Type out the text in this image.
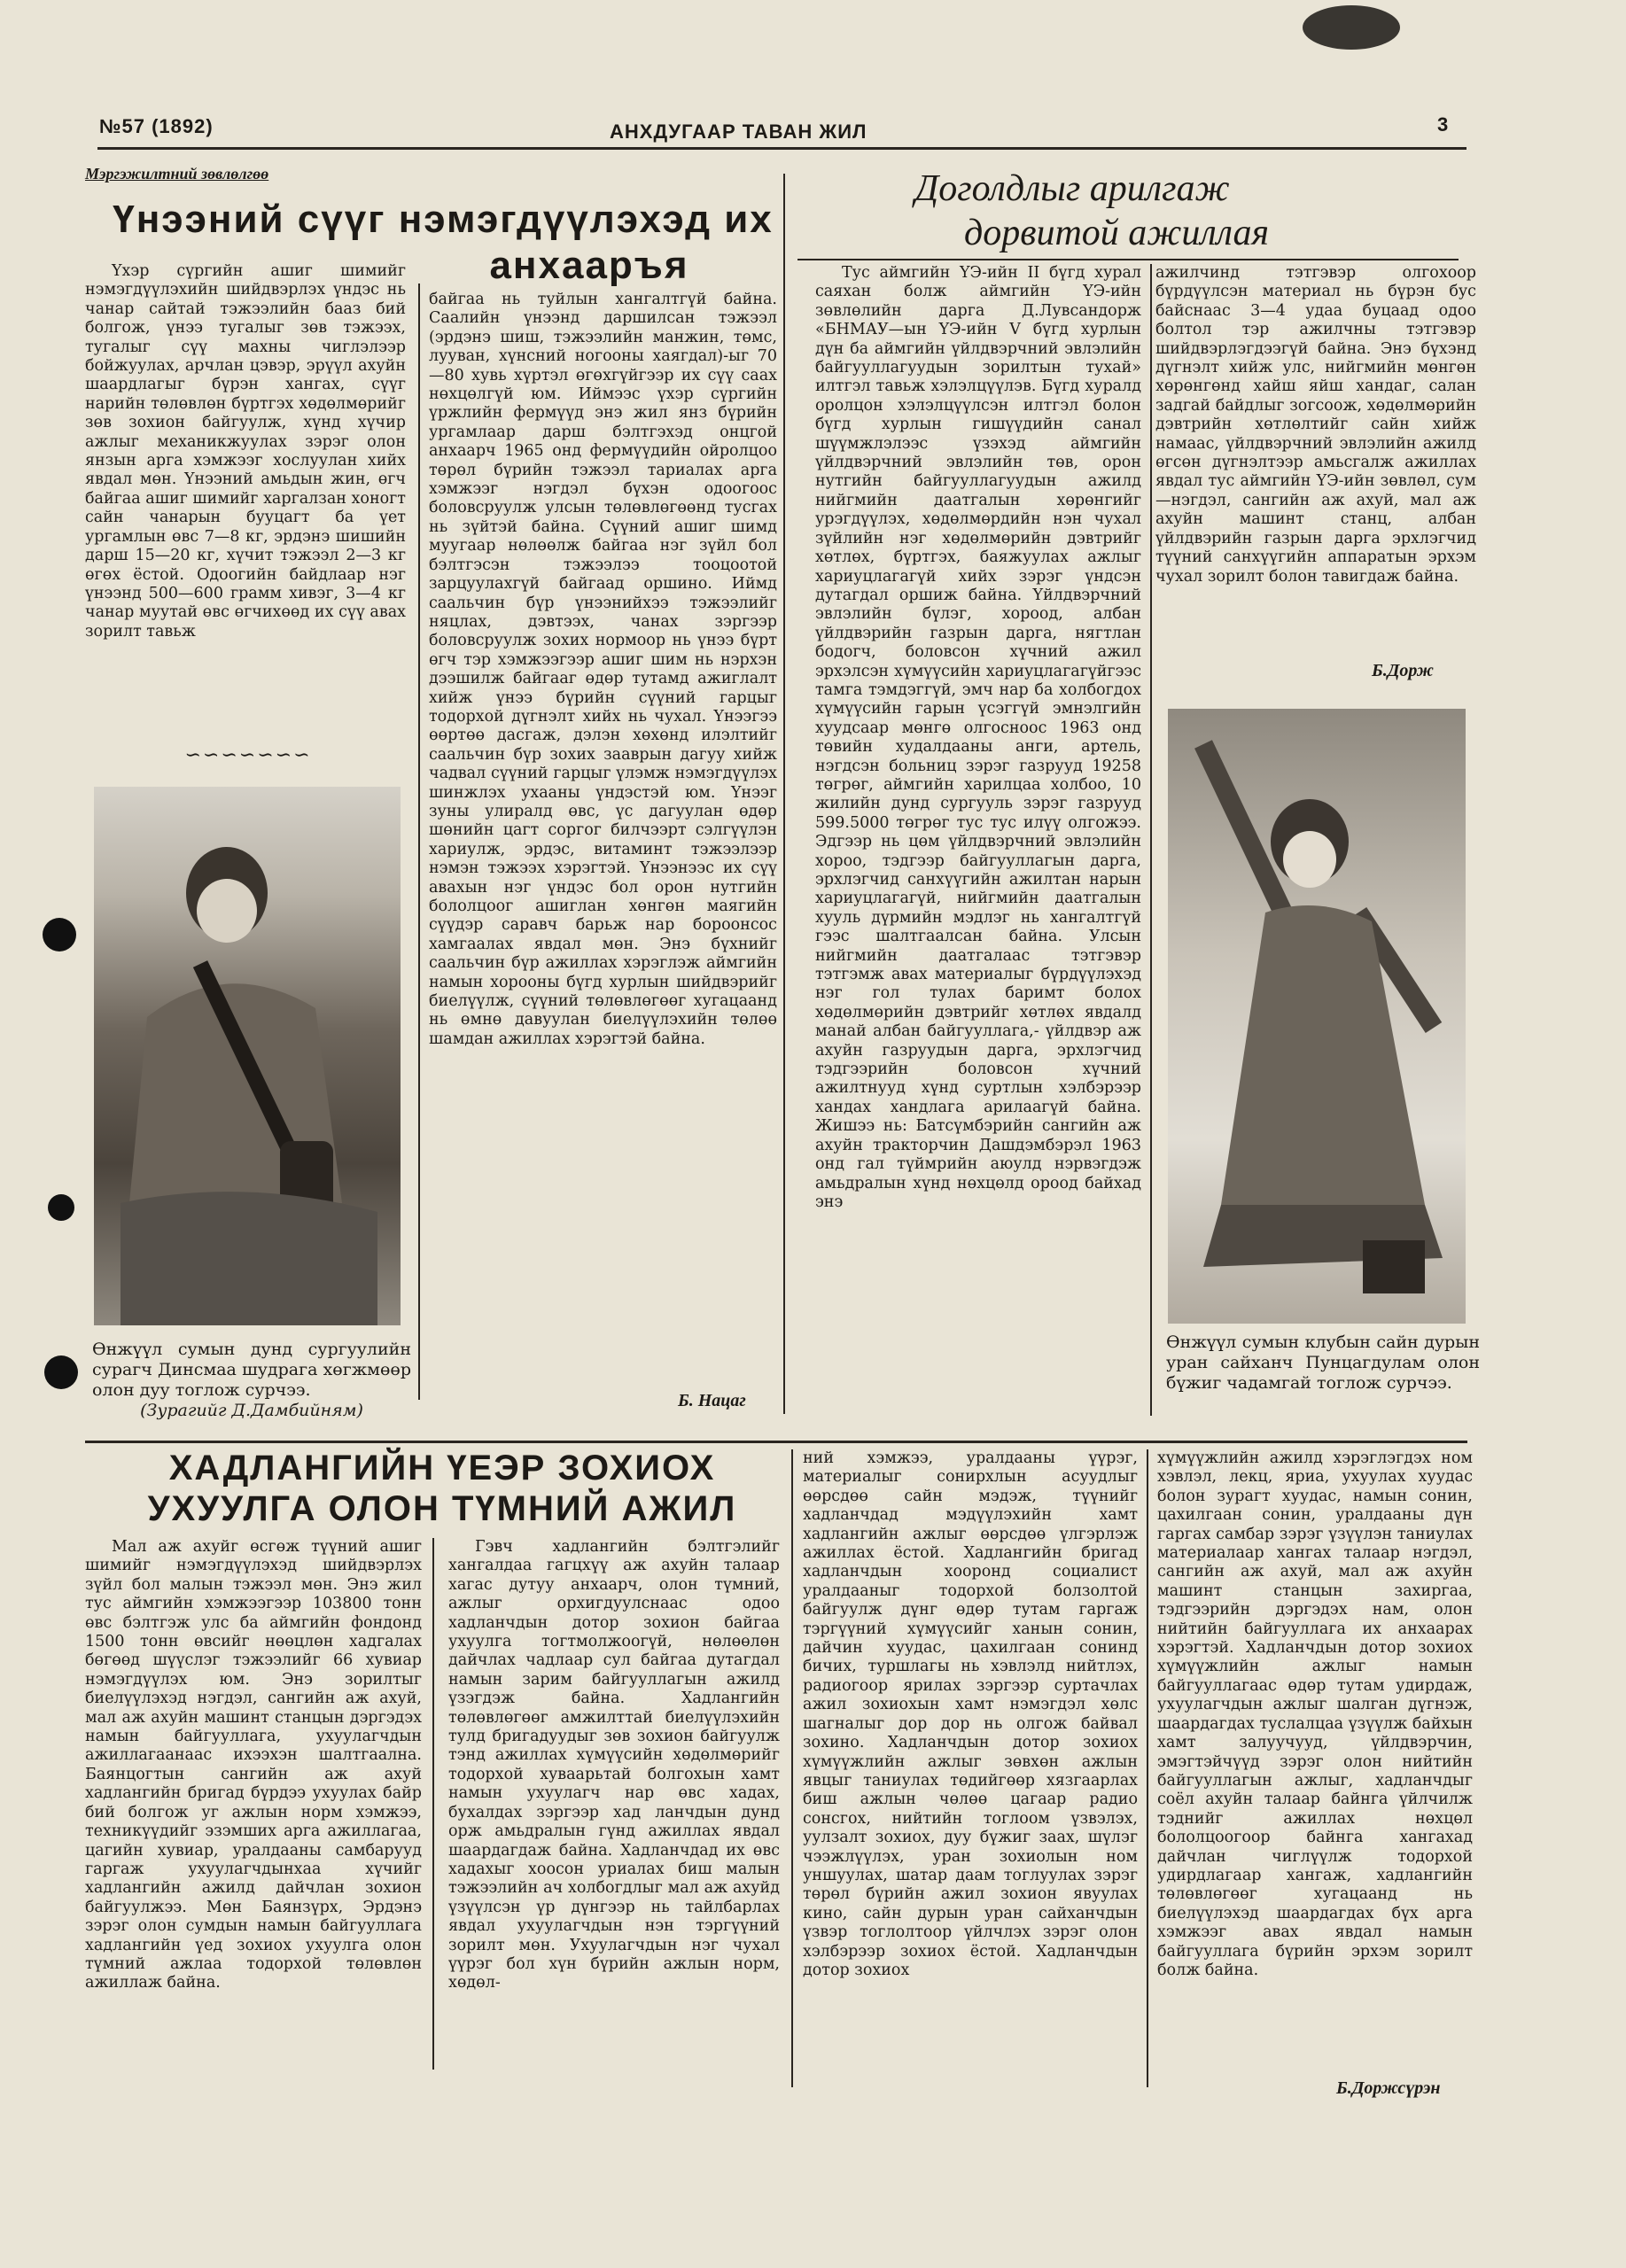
№57 (1892)	АНХДУГААР ТАВАН ЖИЛ	3
Мэргэжилтний зөвлөлгөө
Үнээний сүүг нэмэгдүүлэхэд их
анхааръя

Үхэр сүргийн ашиг шимийг нэмэгдүүлэхийн шийдвэрлэх үндэс нь чанар сайтай тэжээлийн бааз бий болгож, үнээ тугалыг зөв тэжээх, тугалыг сүү махны чиглэлээр бойжуулах, арчлан цэвэр, эрүүл ахуйн шаардлагыг бүрэн хангах, сүүг нарийн төлөвлөн бүртгэх хөдөлмөрийг зөв зохион байгуулж, хүнд хүчир ажлыг механикжуулах зэрэг олон янзын арга хэмжээг хослуулан хийх явдал мөн. Үнээний амьдын жин, өгч байгаа ашиг шимийг харгалзан хоногт сайн чанарын бууцагт ба үет ургамлын өвс 7—8 кг, эрдэнэ шишийн дарш 15—20 кг, хүчит тэжээл 2—3 кг өгөх ёстой. Одоогийн байдлаар нэг үнээнд 500—600 грамм хивэг, 3—4 кг чанар муутай өвс өгчихөөд их сүү авах зорилт тавьж

∽∽∽∽∽∽∽
Өнжүүл сумын дунд сургуулийн сурагч Динсмаа шудрага хөгжмөөр олон дуу тоглож сурчээ.
(Зурагийг Д.Дамбийням)

байгаа нь туйлын хангалтгүй байна. Саалийн үнээнд даршилсан тэжээл (эрдэнэ шиш, тэжээлийн манжин, төмс, лууван, хүнсний ногооны хаягдал)-ыг 70—80 хувь хүртэл өгөхгүйгээр их сүү саах нөхцөлгүй юм. Иймээс үхэр сүргийн үржлийн фермүүд энэ жил янз бүрийн ургамлаар дарш бэлтгэхэд онцгой анхаарч 1965 онд фермүүдийн ойролцоо төрөл бүрийн тэжээл тариалах арга хэмжээг нэгдэл бүхэн одоогоос боловсруулж улсын төлөвлөгөөнд тусгах нь зүйтэй байна. Сүүний ашиг шимд муугаар нөлөөлж байгаа нэг зүйл бол бэлтгэсэн тэжээлээ тооцоотой зарцуулахгүй байгаад оршино. Иймд саальчин бүр үнээнийхээ тэжээлийг няцлах, дэвтээх, чанах зэргээр боловсруулж зохих нормоор нь үнээ бүрт өгч тэр хэмжээгээр ашиг шим нь нэрхэн дээшилж байгааг өдөр тутамд ажиглалт хийж үнээ бүрийн сүүний гарцыг тодорхой дүгнэлт хийх нь чухал. Үнээгээ өөртөө дасгаж, дэлэн хөхөнд илэлтийг саальчин бүр зохих зааврын дагуу хийж чадвал сүүний гарцыг үлэмж нэмэгдүүлэх шинжлэх ухааны үндэстэй юм. Үнээг зуны улиралд өвс, үс дагуулан өдөр шөнийн цагт соргог билчээрт сэлгүүлэн хариулж, эрдэс, витаминт тэжээлээр нэмэн тэжээх хэрэгтэй. Үнээнээс их сүү авахын нэг үндэс бол орон нутгийн бололцоог ашиглан хөнгөн маягийн сүүдэр саравч барьж нар бороонсос хамгаалах явдал мөн. Энэ бүхнийг саальчин бүр ажиллах хэрэглэж аймгийн намын хорооны бүгд хурлын шийдвэрийг биелүүлж, сүүний төлөвлөгөөг хугацаанд нь өмнө давуулан биелүүлэхийн төлөө шамдан ажиллах хэрэгтэй байна.

Б. Нацаг
Доголдлыг арилгаж
дорвитой ажиллая

Тус аймгийн ҮЭ-ийн II бүгд хурал саяхан болж аймгийн ҮЭ-ийн зөвлөлийн дарга Д.Лувсандорж «БНМАУ—ын ҮЭ-ийн V бүгд хурлын дүн ба аймгийн үйлдвэрчний эвлэлийн байгууллагуудын зорилтын тухай» илтгэл тавьж хэлэлцүүлэв. Бүгд хуралд оролцон хэлэлцүүлсэн илтгэл болон бүгд хурлын гишүүдийн санал шүүмжлэлээс үзэхэд аймгийн үйлдвэрчний эвлэлийн төв, орон нутгийн байгууллагуудын ажилд нийгмийн даатгалын хөрөнгийг урэгдүүлэх, хөдөлмөрдийн нэн чухал зүйлийн нэг хөдөлмөрийн дэвтрийг хөтлөх, бүртгэх, баяжуулах ажлыг хариуцлагагүй хийх зэрэг үндсэн дутагдал оршиж байна. Үйлдвэрчний эвлэлийн бүлэг, хороод, албан үйлдвэрийн газрын дарга, нягтлан бодогч, боловсон хүчний ажил эрхэлсэн хүмүүсийн хариуцлагагүйгээс тамга тэмдэггүй, эмч нар ба холбогдох хүмүүсийн гарын үсэггүй эмнэлгийн хуудсаар мөнгө олгосноос 1963 онд төвийн худалдааны анги, артель, нэгдсэн больниц зэрэг газрууд 19258 төгрөг, аймгийн харилцаа холбоо, 10 жилийн дунд сургууль зэрэг газрууд 599.5000 төгрөг тус тус илүү олгожээ. Эдгээр нь цөм үйлдвэрчний эвлэлийн хороо, тэдгээр байгууллагын дарга, эрхлэгчид санхүүгийн ажилтан нарын хариуцлагагүй, нийгмийн даатгалын хууль дүрмийн мэдлэг нь хангалтгүй гээс шалтгаалсан байна. Улсын нийгмийн даатгалаас тэтгэвэр тэтгэмж авах материалыг бүрдүүлэхэд нэг гол тулах баримт болох хөдөлмөрийн дэвтрийг хөтлөх явдалд манай албан байгууллага,- үйлдвэр аж ахуйн газруудын дарга, эрхлэгчид тэдгээрийн боловсон хүчний ажилтнууд хүнд суртлын хэлбэрээр хандах хандлага арилаагүй байна. Жишээ нь: Батсүмбэрийн сангийн аж ахуйн тракторчин Дашдэмбэрэл 1963 онд гал түймрийн аюулд нэрвэгдэж амьдралын хүнд нөхцөлд ороод байхад энэ

ажилчинд тэтгэвэр олгохоор бүрдүүлсэн материал нь бүрэн бус байснаас 3—4 удаа буцаад одоо болтол тэр ажилчны тэтгэвэр шийдвэрлэгдээгүй байна. Энэ бүхэнд дүгнэлт хийж улс, нийгмийн мөнгөн хөрөнгөнд хайш яйш хандаг, салан задгай байдлыг зогсоож, хөдөлмөрийн дэвтрийн хөтлөлтийг сайн хийж намаас, үйлдвэрчний эвлэлийн ажилд өгсөн дүгнэлтээр амьсгалж ажиллах явдал тус аймгийн ҮЭ-ийн зөвлөл, сум—нэгдэл, сангийн аж ахуй, мал аж ахуйн машинт станц, албан үйлдвэрийн газрын дарга эрхлэгчид түүний санхүүгийн аппаратын эрхэм чухал зорилт болон тавигдаж байна.

Б.Дорж
Өнжүүл сумын клубын сайн дурын уран сайханч Пунцагдулам олон бүжиг чадамгай тоглож сурчээ.
ХАДЛАНГИЙН ҮЕЭР ЗОХИОХ
УХУУЛГА ОЛОН ТҮМНИЙ АЖИЛ

Мал аж ахуйг өсгөж түүний ашиг шимийг нэмэгдүүлэхэд шийдвэрлэх зүйл бол малын тэжээл мөн. Энэ жил тус аймгийн хэмжээгээр 103800 тонн өвс бэлтгэж улс ба аймгийн фондонд 1500 тонн өвсийг нөөцлөн хадгалах бөгөөд шүүслэг тэжээлийг 66 хувиар нэмэгдүүлэх юм. Энэ зорилтыг биелүүлэхэд нэгдэл, сангийн аж ахуй, мал аж ахуйн машинт станцын дэргэдэх намын байгууллага, ухуулагчдын ажиллагаанаас ихээхэн шалтгаална. Баянцогтын сангийн аж ахуй хадлангийн бригад бүрдээ ухуулах байр бий болгож уг ажлын норм хэмжээ, техникүүдийг эзэмших арга ажиллагаа, цагийн хувиар, уралдааны самбарууд гаргаж ухуулагчдынхаа хүчийг хадлангийн ажилд дайчлан зохион байгуулжээ. Мөн Баянзүрх, Эрдэнэ зэрэг олон сумдын намын байгууллага хадлангийн үед зохиох ухуулга олон түмний ажлаа тодорхой төлөвлөн ажиллаж байна.

Гэвч хадлангийн бэлтгэлийг хангалдаа гагцхүү аж ахуйн талаар хагас дутуу анхаарч, олон түмний, ажлыг орхигдуулснаас одоо хадланчдын дотор зохион байгаа ухуулга тогтмолжоогүй, нөлөөлөн дайчлах чадлаар сул байгаа дутагдал намын зарим байгууллагын ажилд үзэгдэж байна. Хадлангийн төлөвлөгөөг амжилттай биелүүлэхийн тулд бригадуудыг зөв зохион байгуулж тэнд ажиллах хүмүүсийн хөдөлмөрийг тодорхой хуваарьтай болгохын хамт намын ухуулагч нар өвс хадах, бухалдах зэргээр хад ланчдын дунд орж амьдралын гүнд ажиллах явдал шаардагдаж байна. Хадланчдад их өвс хадахыг хоосон уриалах биш малын тэжээлийн ач холбогдлыг мал аж ахуйд үзүүлсэн үр дүнгээр нь тайлбарлах явдал ухуулагчдын нэн тэргүүний зорилт мөн. Ухуулагчдын нэг чухал үүрэг бол хүн бүрийн ажлын норм, хөдөл-

ний хэмжээ, уралдааны үүрэг, материалыг сонирхлын асуудлыг өөрсдөө сайн мэдэж, түүнийг хадланчдад мэдүүлэхийн хамт хадлангийн ажлыг өөрсдөө үлгэрлэж ажиллах ёстой. Хадлангийн бригад хадланчдын хооронд социалист уралдааныг тодорхой болзолтой байгуулж дүнг өдөр тутам гаргаж тэргүүний хүмүүсийг ханын сонин, дайчин хуудас, цахилгаан сонинд бичих, туршлагы нь хэвлэлд нийтлэх, радиогоор ярилах зэргээр суртачлах ажил зохиохын хамт нэмэгдэл хөлс шагналыг дор дор нь олгож байвал зохино. Хадланчдын дотор зохиох хүмүүжлийн ажлыг зөвхөн ажлын явцыг таниулах төдийгөөр хязгаарлах биш ажлын чөлөө цагаар радио сонсгох, нийтийн тоглоом үзвэлэх, уулзалт зохиох, дуу бүжиг заах, шүлэг чээжлүүлэх, уран зохиолын ном уншуулах, шатар даам тоглуулах зэрэг төрөл бүрийн ажил зохион явуулах кино, сайн дурын уран сайханчдын үзвэр тоглолтоор үйлчлэх зэрэг олон хэлбэрээр зохиох ёстой. Хадланчдын дотор зохиох

хүмүүжлийн ажилд хэрэглэгдэх ном хэвлэл, лекц, яриа, ухуулах хуудас болон зурагт хуудас, намын сонин, цахилгаан сонин, уралдааны дүн гаргах самбар зэрэг үзүүлэн таниулах материалаар хангах талаар нэгдэл, сангийн аж ахуй, мал аж ахуйн машинт станцын захиргаа, тэдгээрийн дэргэдэх нам, олон нийтийн байгууллага их анхаарах хэрэгтэй. Хадланчдын дотор зохиох хүмүүжлийн ажлыг намын байгууллагаас өдөр тутам удирдаж, ухуулагчдын ажлыг шалган дүгнэж, шаардагдах туслалцаа үзүүлж байхын хамт залуучууд, үйлдвэрчин, эмэгтэйчүүд зэрэг олон нийтийн байгууллагын ажлыг, хадланчдыг соёл ахуйн талаар байнга үйлчилж тэднийг ажиллах нөхцөл бололцоогоор байнга хангахад дайчлан чиглүүлж тодорхой удирдлагаар хангаж, хадлангийн төлөвлөгөөг хугацаанд нь биелүүлэхэд шаардагдах бүх арга хэмжээг авах явдал намын байгууллага бүрийн эрхэм зорилт болж байна.

Б.Доржсүрэн
